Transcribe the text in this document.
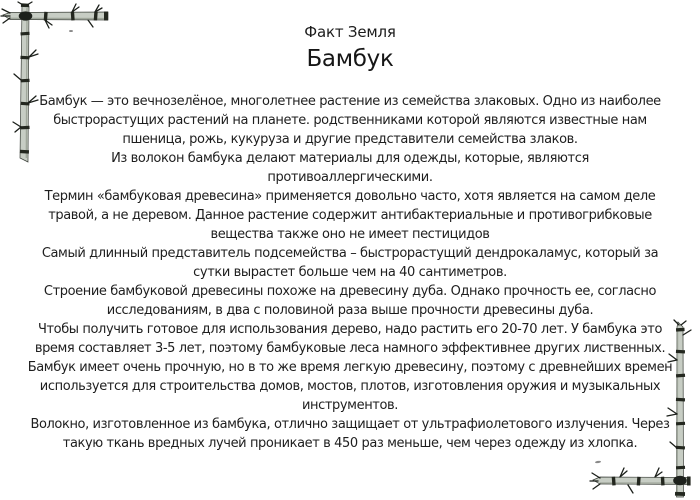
Факт Земля
Бамбук
Бамбук — это вечнозелёное, многолетнее растение из семейства злаковых. Одно из наиболее
быстрорастущих растений на планете. родственниками которой являются известные нам
пшеница, рожь, кукуруза и другие представители семейства злаков.
Из волокон бамбука делают материалы для одежды, которые, являются
противоаллергическими.
Термин «бамбуковая древесина» применяется довольно часто, хотя является на самом деле
травой, а не деревом. Данное растение содержит антибактериальные и противогрибковые
вещества также оно не имеет пестицидов
Самый длинный представитель подсемейства – быстрорастущий дендрокаламус, который за
сутки вырастет больше чем на 40 сантиметров.
Строение бамбуковой древесины похоже на древесину дуба. Однако прочность ее, согласно
исследованиям, в два с половиной раза выше прочности древесины дуба.
Чтобы получить готовое для использования дерево, надо растить его 20-70 лет. У бамбука это
время составляет 3-5 лет, поэтому бамбуковые леса намного эффективнее других лиственных.
Бамбук имеет очень прочную, но в то же время легкую древесину, поэтому с древнейших времен
используется для строительства домов, мостов, плотов, изготовления оружия и музыкальных
инструментов.
Волокно, изготовленное из бамбука, отлично защищает от ультрафиолетового излучения. Через
такую ткань вредных лучей проникает в 450 раз меньше, чем через одежду из хлопка.
